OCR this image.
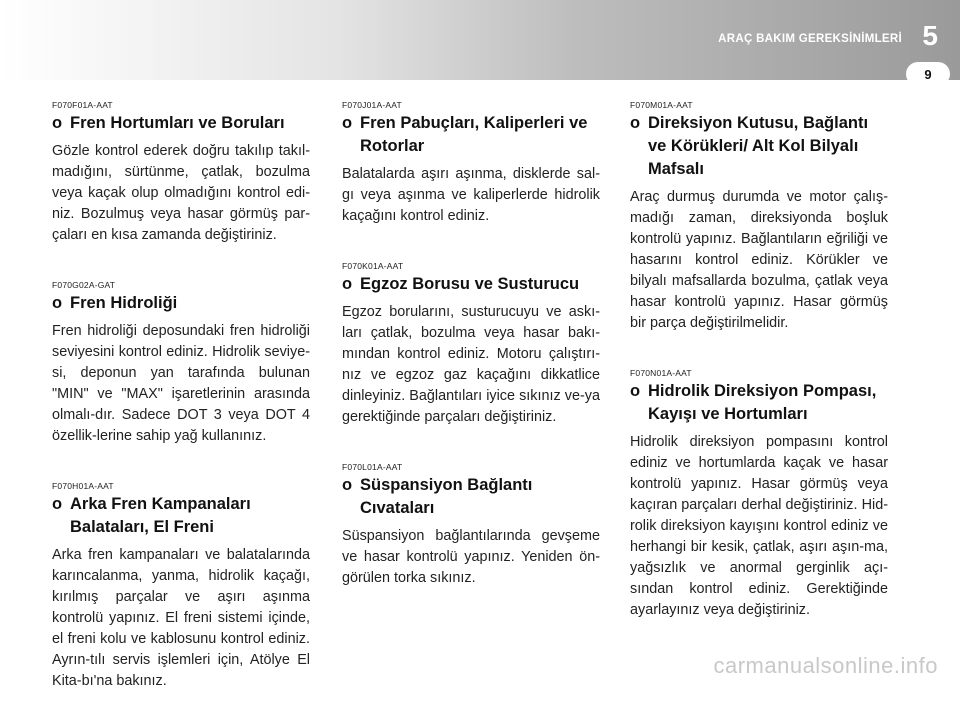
ARAÇ BAKIM GEREKSİNİMLERİ 5
9
F070F01A-AAT
o Fren Hortumları ve Boruları
Gözle kontrol ederek doğru takılıp takıl-madığını, sürtünme, çatlak, bozulma veya kaçak olup olmadığını kontrol edi-niz. Bozulmuş veya hasar görmüş par-çaları en kısa zamanda değiştiriniz.
F070G02A-GAT
o Fren Hidroliği
Fren hidroliği deposundaki fren hidroliği seviyesini kontrol ediniz. Hidrolik seviye-si, deponun yan tarafında bulunan "MIN" ve "MAX" işaretlerinin arasında olmalı-dır. Sadece DOT 3 veya DOT 4 özellik-lerine sahip yağ kullanınız.
F070H01A-AAT
o Arka Fren Kampanaları Balataları, El Freni
Arka fren kampanaları ve balatalarında karıncalanma, yanma, hidrolik kaçağı, kırılmış parçalar ve aşırı aşınma kontrolü yapınız. El freni sistemi içinde, el freni kolu ve kablosunu kontrol ediniz. Ayrın-tılı servis işlemleri için, Atölye El Kita-bı'na bakınız.
F070J01A-AAT
o Fren Pabuçları, Kaliperleri ve Rotorlar
Balatalarda aşırı aşınma, disklerde sal-gı veya aşınma ve kaliperlerde hidrolik kaçağını kontrol ediniz.
F070K01A-AAT
o Egzoz Borusu ve Susturucu
Egzoz borularını, susturucuyu ve askı-ları çatlak, bozulma veya hasar bakı-mından kontrol ediniz. Motoru çalıştırı-nız ve egzoz gaz kaçağını dikkatlice dinleyiniz. Bağlantıları iyice sıkınız ve-ya gerektiğinde parçaları değiştiriniz.
F070L01A-AAT
o Süspansiyon Bağlantı Cıvataları
Süspansiyon bağlantılarında gevşeme ve hasar kontrolü yapınız. Yeniden ön-görülen torka sıkınız.
F070M01A-AAT
o Direksiyon Kutusu, Bağlantı ve Körükleri/ Alt Kol Bilyalı Mafsalı
Araç durmuş durumda ve motor çalış-madığı zaman, direksiyonda boşluk kontrolü yapınız. Bağlantıların eğriliği ve hasarını kontrol ediniz. Körükler ve bilyalı mafsallarda bozulma, çatlak veya hasar kontrolü yapınız. Hasar görmüş bir parça değiştirilmelidir.
F070N01A-AAT
o Hidrolik Direksiyon Pompası, Kayışı ve Hortumları
Hidrolik direksiyon pompasını kontrol ediniz ve hortumlarda kaçak ve hasar kontrolü yapınız. Hasar görmüş veya kaçıran parçaları derhal değiştiriniz. Hid-rolik direksiyon kayışını kontrol ediniz ve herhangi bir kesik, çatlak, aşırı aşın-ma, yağsızlık ve anormal gerginlik açı-sından kontrol ediniz. Gerektiğinde ayarlayınız veya değiştiriniz.
carmanualsonline.info
